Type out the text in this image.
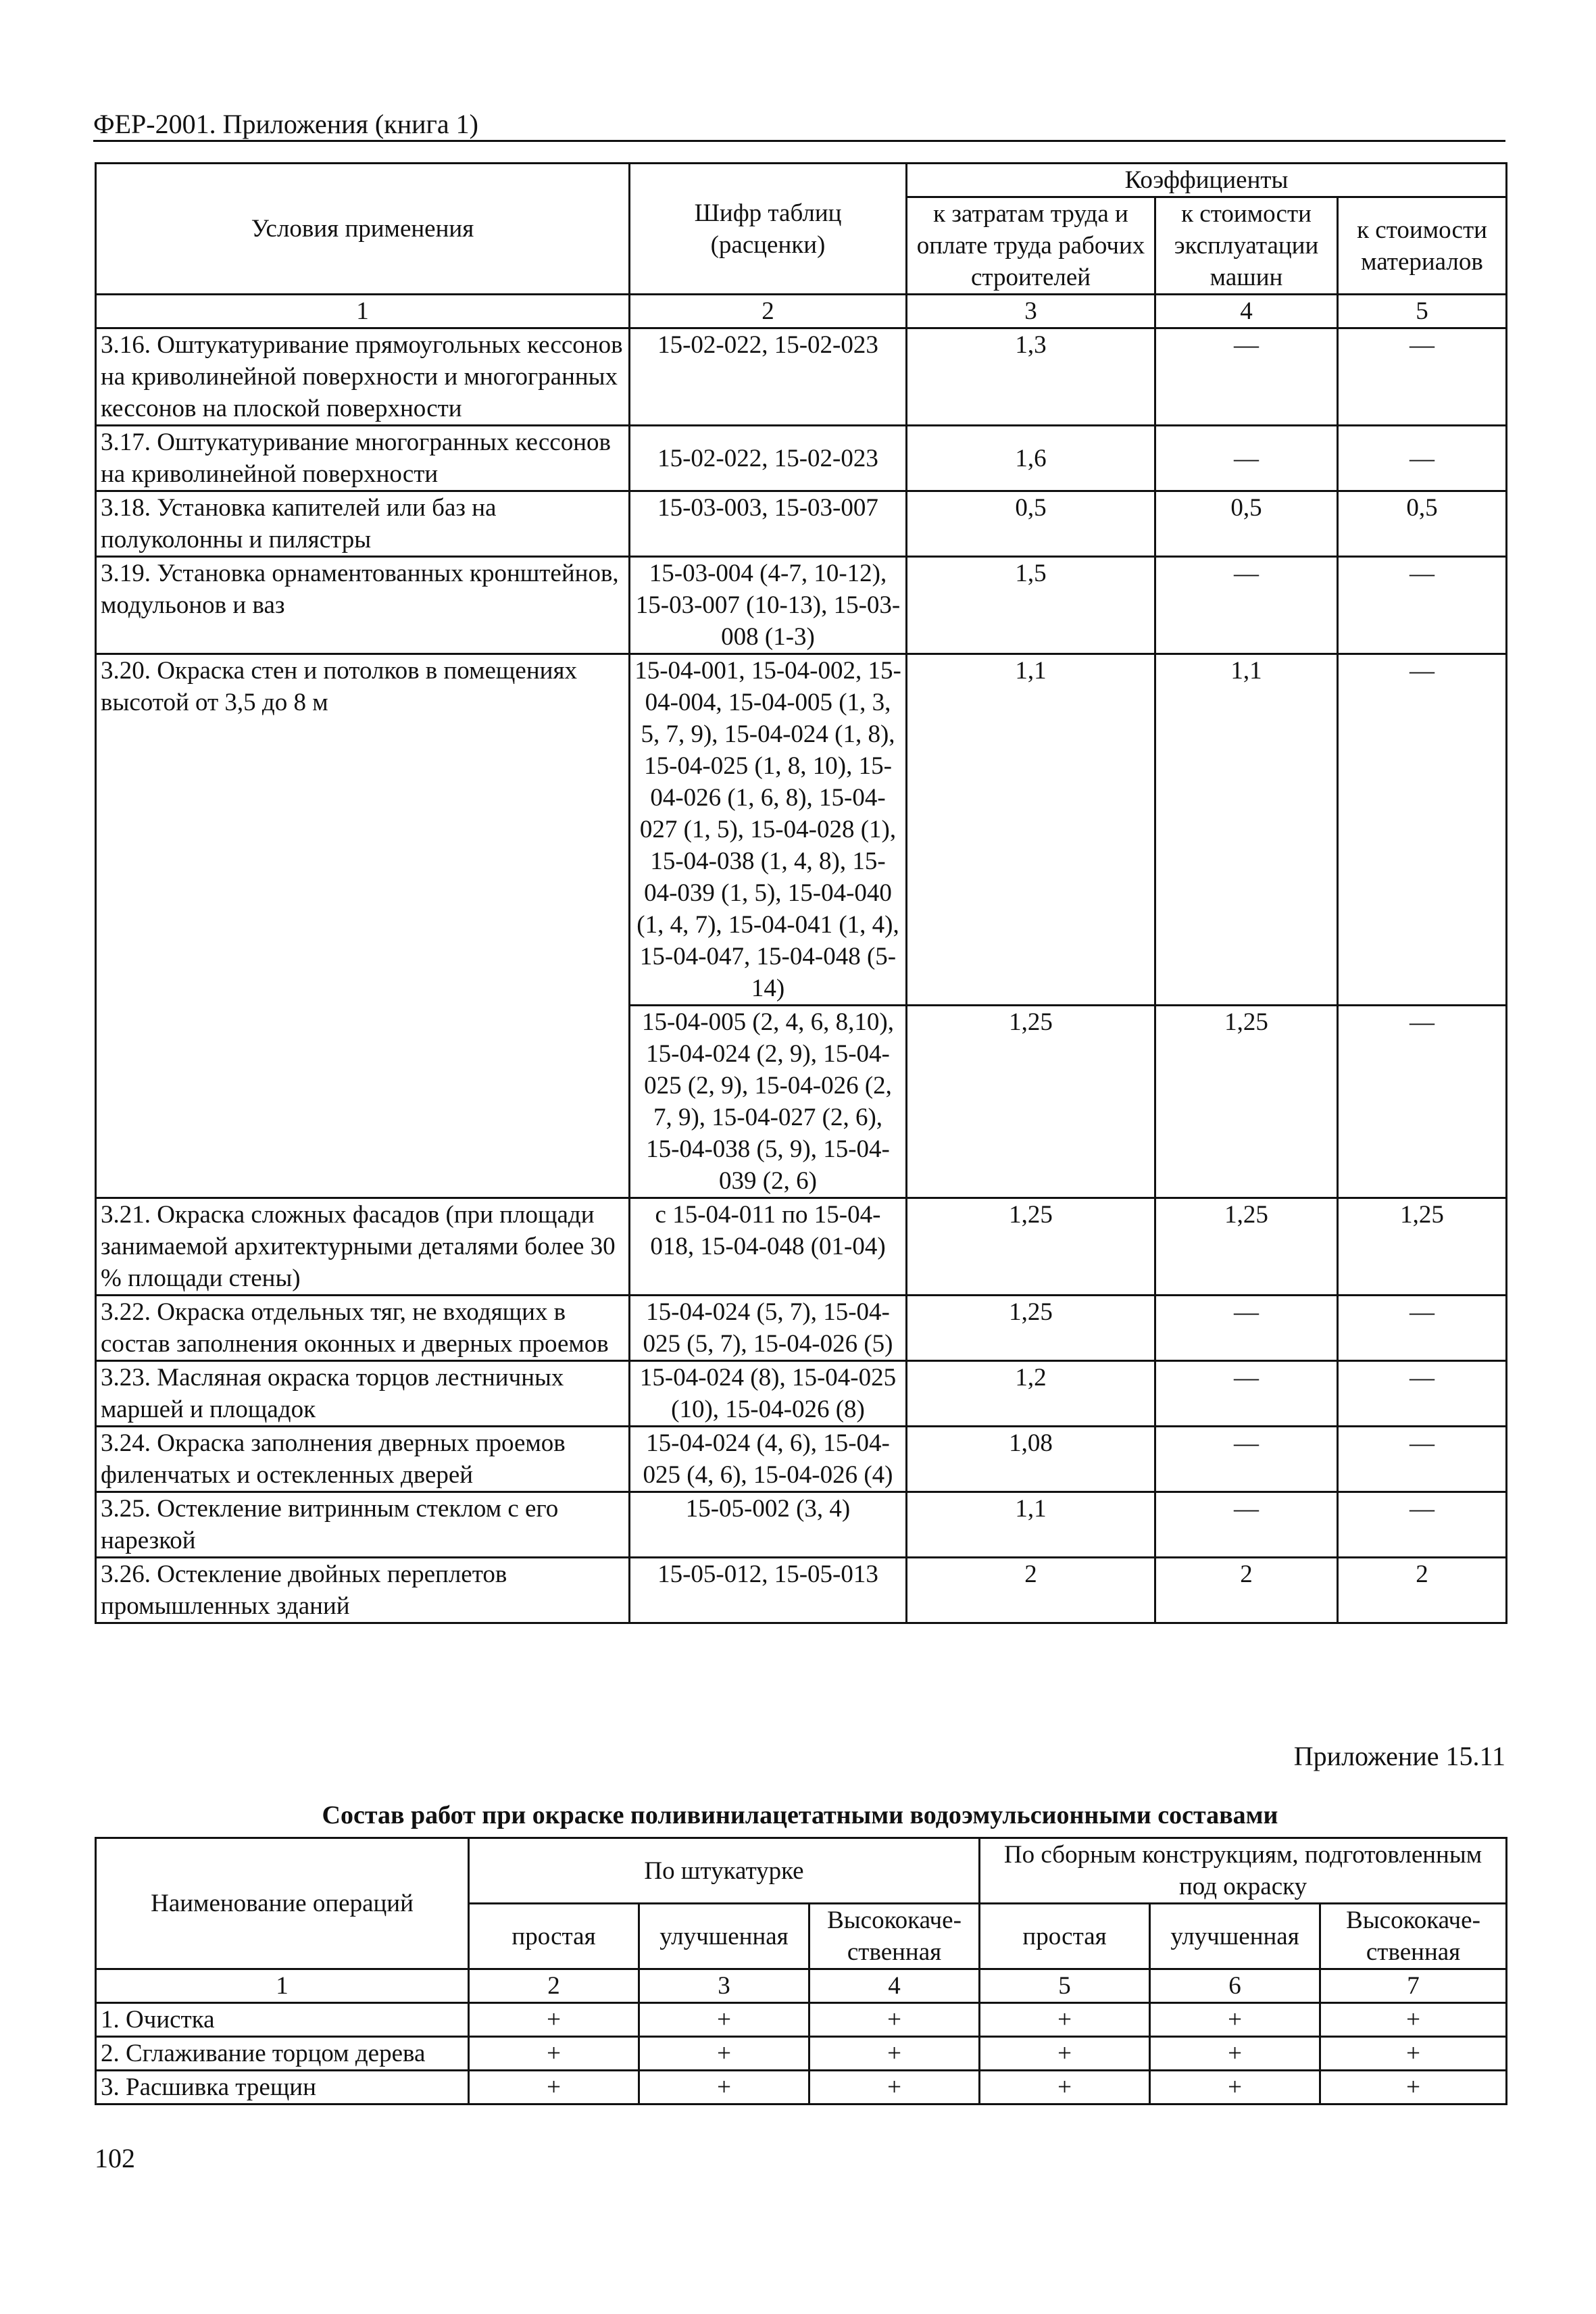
ФЕР-2001. Приложения (книга 1)
Условия применения	Шифр таблиц (расценки)	Коэффициенты		
		к затратам труда и оплате труда рабочих строителей	к стоимости эксплуатации машин	к стоимости материалов
1	2	3	4	5
3.16. Оштукатуривание прямоугольных кессонов на криволинейной поверхности и многогранных кессонов на плоской поверхности	15-02-022, 15-02-023	1,3	—	—
3.17. Оштукатуривание многогранных кессонов на криволинейной поверхности	15-02-022, 15-02-023	1,6	—	—
3.18. Установка капителей или баз на полуколонны и пилястры	15-03-003, 15-03-007	0,5	0,5	0,5
3.19. Установка орнаментованных кронштейнов, модульонов и ваз	15-03-004 (4-7, 10-12), 15-03-007 (10-13), 15-03-008 (1-3)	1,5	—	—
3.20. Окраска стен и потолков в помещениях высотой от 3,5 до 8 м	15-04-001, 15-04-002, 15-04-004, 15-04-005 (1, 3, 5, 7, 9), 15-04-024 (1, 8), 15-04-025 (1, 8, 10), 15-04-026 (1, 6, 8), 15-04-027 (1, 5), 15-04-028 (1), 15-04-038 (1, 4, 8), 15-04-039 (1, 5), 15-04-040 (1, 4, 7), 15-04-041 (1, 4), 15-04-047, 15-04-048 (5-14)	1,1	1,1	—
	15-04-005 (2, 4, 6, 8,10), 15-04-024 (2, 9), 15-04-025 (2, 9), 15-04-026 (2, 7, 9), 15-04-027 (2, 6), 15-04-038 (5, 9), 15-04-039 (2, 6)	1,25	1,25	—
3.21. Окраска сложных фасадов (при площади занимаемой архитектурными деталями более 30 % площади стены)	с 15-04-011 по 15-04-018, 15-04-048 (01-04)	1,25	1,25	1,25
3.22. Окраска отдельных тяг, не входящих в состав заполнения оконных и дверных проемов	15-04-024 (5, 7), 15-04-025 (5, 7), 15-04-026 (5)	1,25	—	—
3.23. Масляная окраска торцов лестничных маршей и площадок	15-04-024 (8), 15-04-025 (10), 15-04-026 (8)	1,2	—	—
3.24. Окраска заполнения дверных проемов филенчатых и остекленных дверей	15-04-024 (4, 6), 15-04-025 (4, 6), 15-04-026 (4)	1,08	—	—
3.25. Остекление витринным стеклом с его нарезкой	15-05-002 (3, 4)	1,1	—	—
3.26. Остекление двойных переплетов промышленных зданий	15-05-012, 15-05-013	2	2	2
Приложение 15.11
Состав работ при окраске поливинилацетатными водоэмульсионными составами
Наименование операций	По штукатурке			По сборным конструкциям, подготовленным под окраску		
	простая	улучшенная	Высококаче-ственная	простая	улучшенная	Высококаче-ственная
1	2	3	4	5	6	7
1. Очистка	+	+	+	+	+	+
2. Сглаживание торцом дерева	+	+	+	+	+	+
3. Расшивка трещин	+	+	+	+	+	+
102
